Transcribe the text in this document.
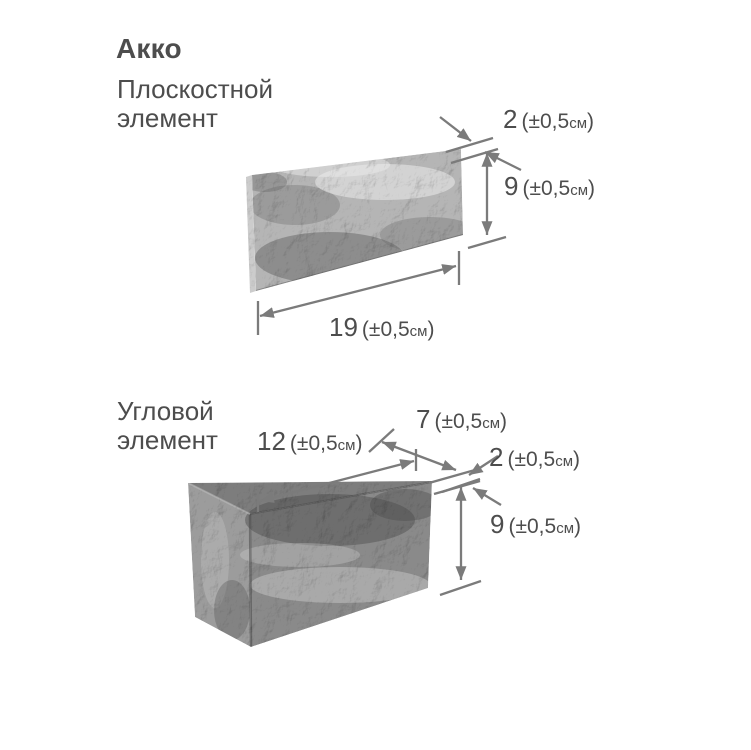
Акко
Плоскостной
элемент	2 (±0,5см)
9 (±0,5см)
19 (±0,5см)
Угловой
элемент 12 (±0,5см)
7 (±0,5см)
2 (±0,5см)
9 (±0,5см)
